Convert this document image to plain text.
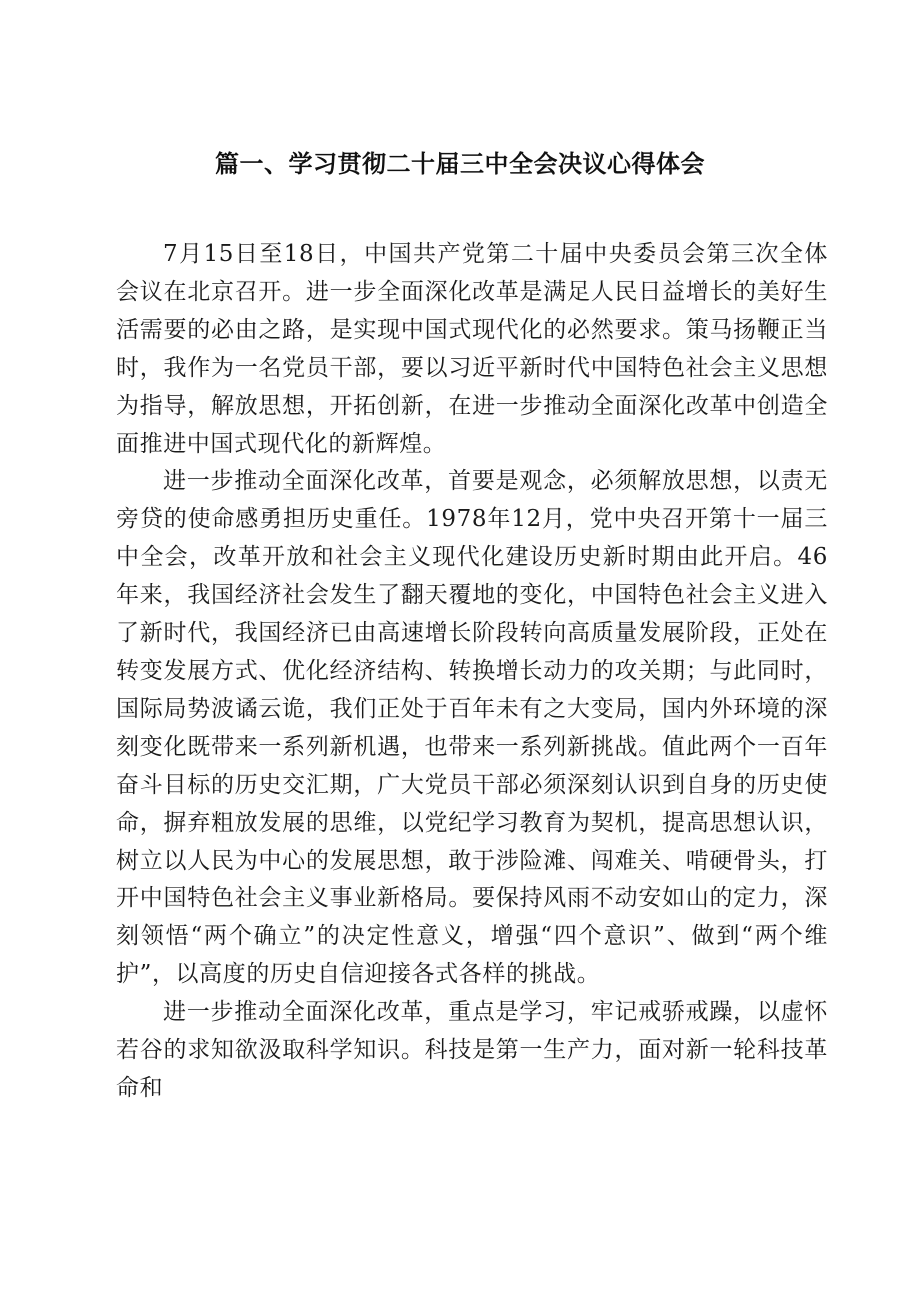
篇一、学习贯彻二十届三中全会决议心得体会

7月15日至18日，中国共产党第二十届中央委员会第三次全体会议在北京召开。进一步全面深化改革是满足人民日益增长的美好生活需要的必由之路，是实现中国式现代化的必然要求。策马扬鞭正当时，我作为一名党员干部，要以习近平新时代中国特色社会主义思想为指导，解放思想，开拓创新，在进一步推动全面深化改革中创造全面推进中国式现代化的新辉煌。

进一步推动全面深化改革，首要是观念，必须解放思想，以责无旁贷的使命感勇担历史重任。1978年12月，党中央召开第十一届三中全会，改革开放和社会主义现代化建设历史新时期由此开启。46年来，我国经济社会发生了翻天覆地的变化，中国特色社会主义进入了新时代，我国经济已由高速增长阶段转向高质量发展阶段，正处在转变发展方式、优化经济结构、转换增长动力的攻关期；与此同时，国际局势波谲云诡，我们正处于百年未有之大变局，国内外环境的深刻变化既带来一系列新机遇，也带来一系列新挑战。值此两个一百年奋斗目标的历史交汇期，广大党员干部必须深刻认识到自身的历史使命，摒弃粗放发展的思维，以党纪学习教育为契机，提高思想认识，树立以人民为中心的发展思想，敢于涉险滩、闯难关、啃硬骨头，打开中国特色社会主义事业新格局。要保持风雨不动安如山的定力，深刻领悟“两个确立”的决定性意义，增强“四个意识”、做到“两个维护”，以高度的历史自信迎接各式各样的挑战。

进一步推动全面深化改革，重点是学习，牢记戒骄戒躁，以虚怀若谷的求知欲汲取科学知识。科技是第一生产力，面对新一轮科技革命和
